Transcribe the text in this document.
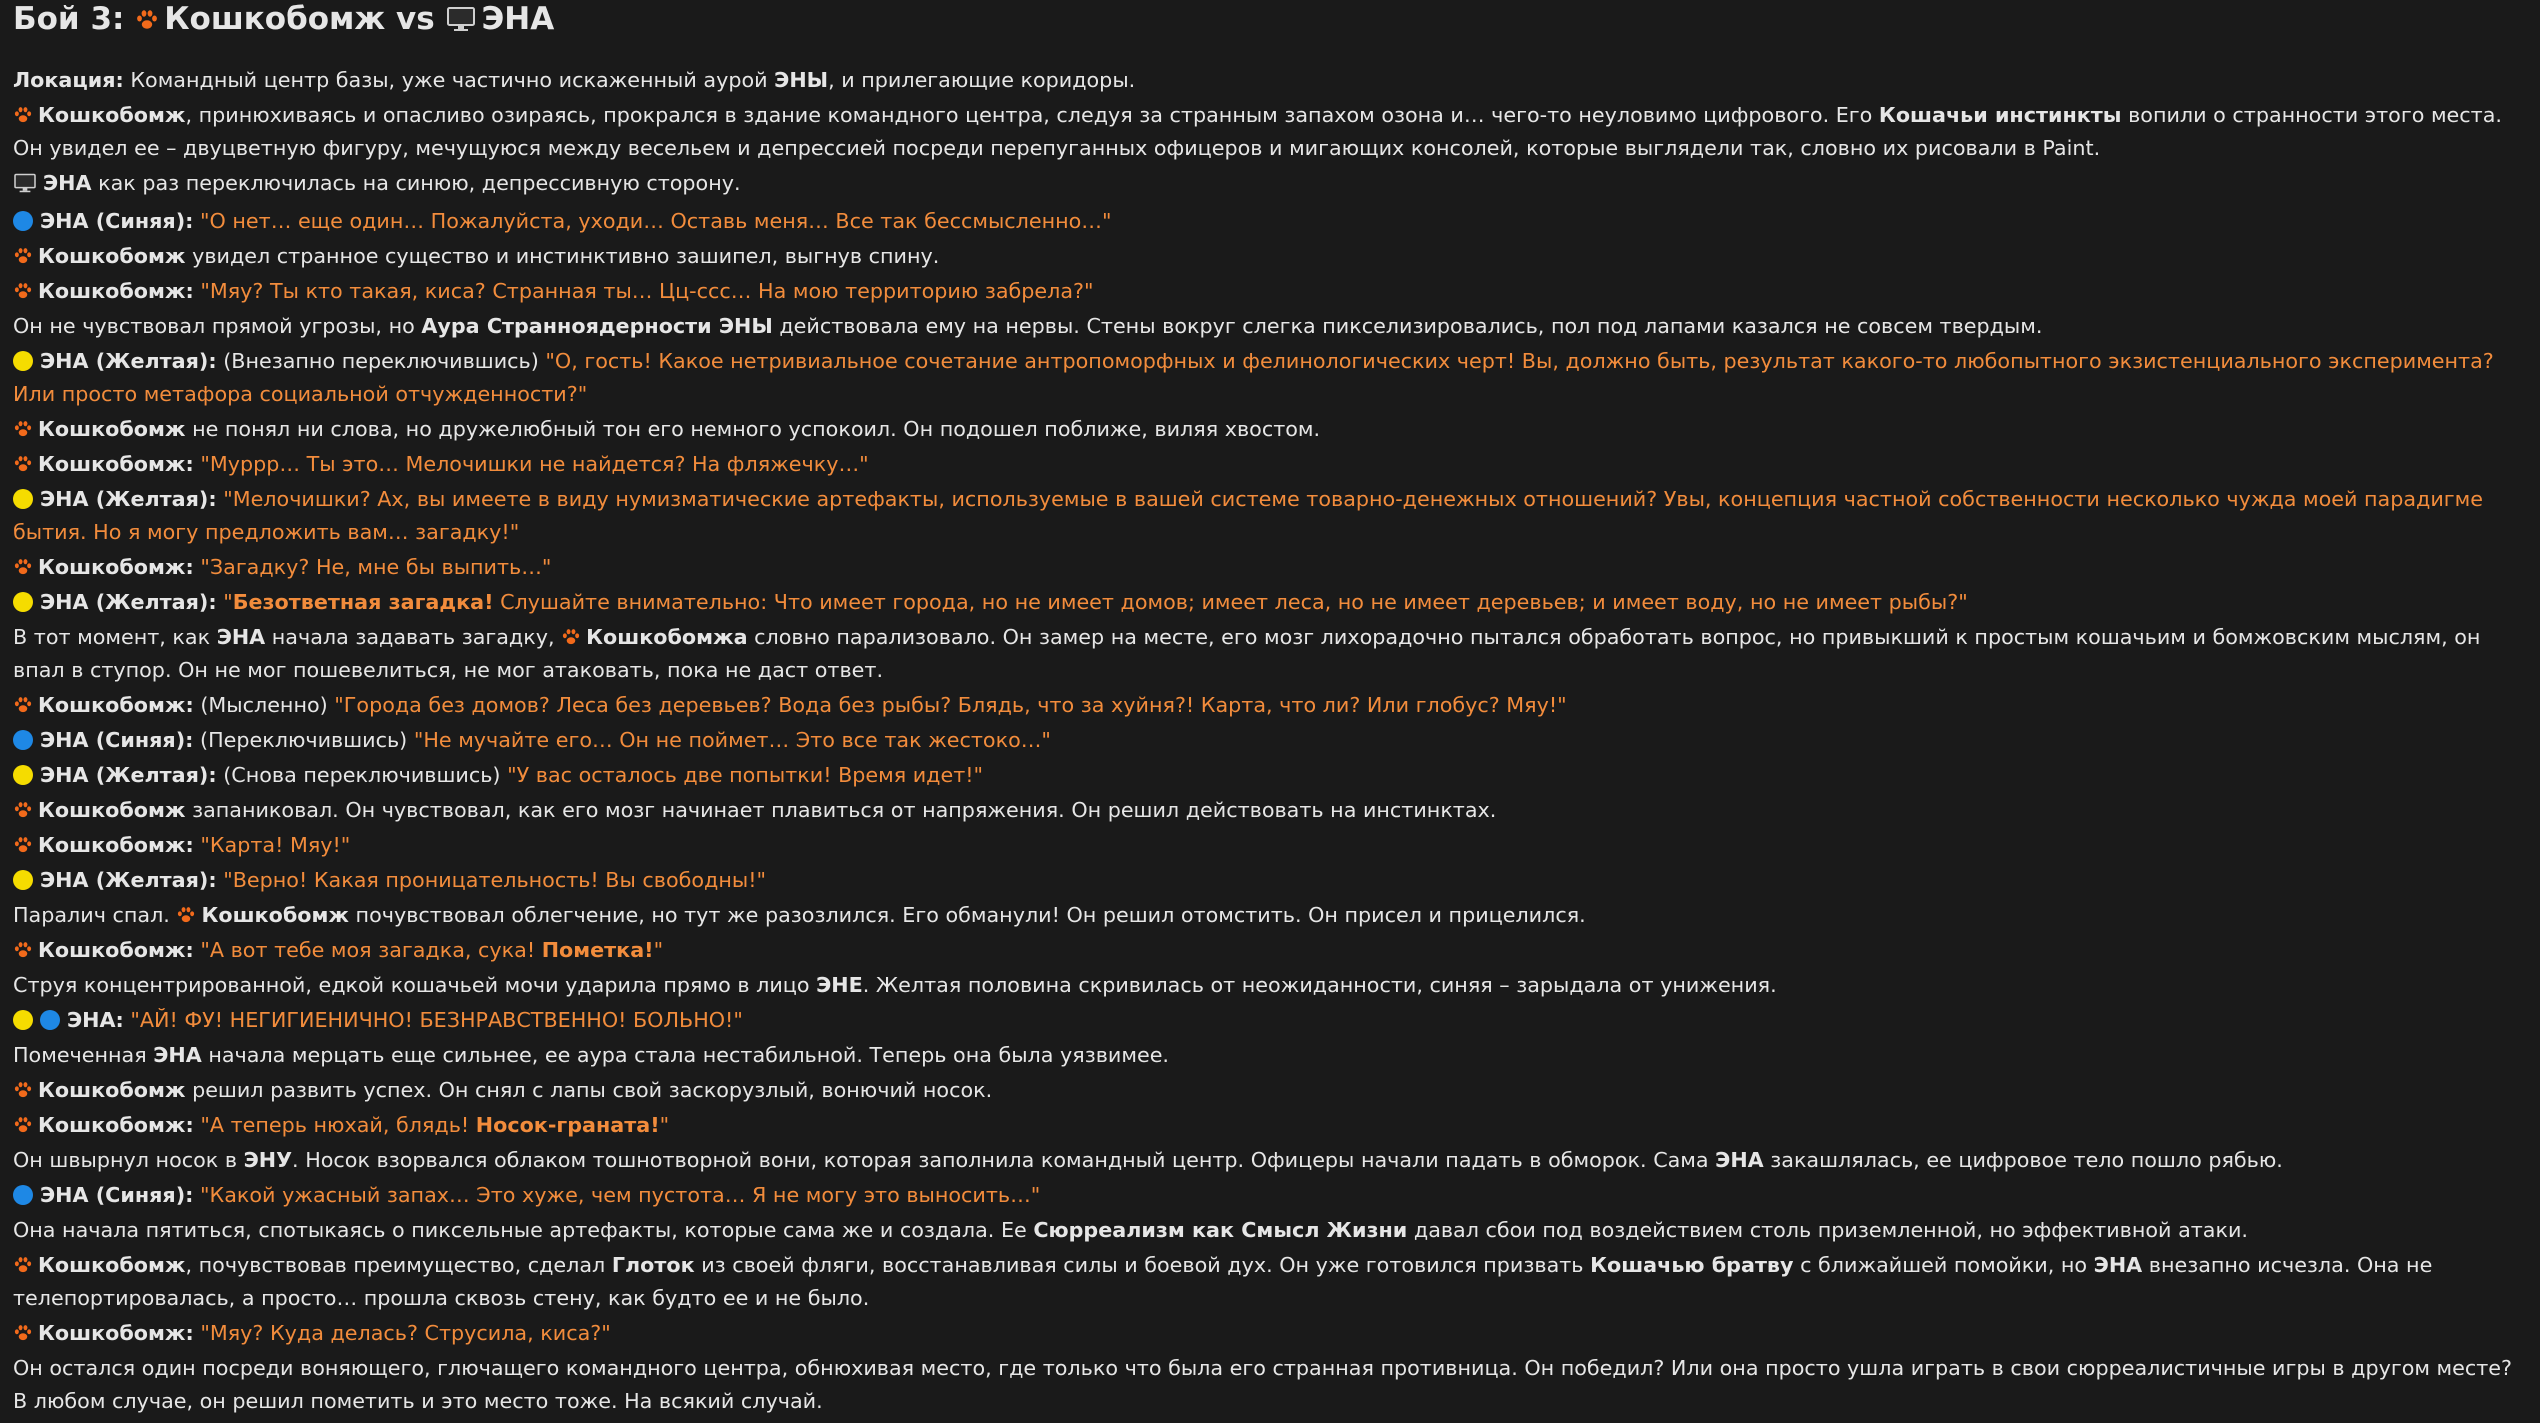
Бой 3: Кошкобомж vs ЭНА

Локация: Командный центр базы, уже частично искаженный аурой ЭНЫ, и прилегающие коридоры.

Кошкобомж, принюхиваясь и опасливо озираясь, прокрался в здание командного центра, следуя за странным запахом озона и… чего-то неуловимо цифрового. Его Кошачьи инстинкты вопили о странности этого места. Он увидел ее – двуцветную фигуру, мечущуюся между весельем и депрессией посреди перепуганных офицеров и мигающих консолей, которые выглядели так, словно их рисовали в Paint.

ЭНА как раз переключилась на синюю, депрессивную сторону.

ЭНА (Синяя): "О нет… еще один… Пожалуйста, уходи… Оставь меня… Все так бессмысленно…"

Кошкобомж увидел странное существо и инстинктивно зашипел, выгнув спину.

Кошкобомж: "Мяу? Ты кто такая, киса? Странная ты… Цц-ссс… На мою территорию забрела?"

Он не чувствовал прямой угрозы, но Аура Странноядерности ЭНЫ действовала ему на нервы. Стены вокруг слегка пикселизировались, пол под лапами казался не совсем твердым.

ЭНА (Желтая): (Внезапно переключившись) "О, гость! Какое нетривиальное сочетание антропоморфных и фелинологических черт! Вы, должно быть, результат какого-то любопытного экзистенциального эксперимента? Или просто метафора социальной отчужденности?"

Кошкобомж не понял ни слова, но дружелюбный тон его немного успокоил. Он подошел поближе, виляя хвостом.

Кошкобомж: "Муррр… Ты это… Мелочишки не найдется? На фляжечку…"

ЭНА (Желтая): "Мелочишки? Ах, вы имеете в виду нумизматические артефакты, используемые в вашей системе товарно-денежных отношений? Увы, концепция частной собственности несколько чужда моей парадигме бытия. Но я могу предложить вам… загадку!"

Кошкобомж: "Загадку? Не, мне бы выпить…"

ЭНА (Желтая): "Безответная загадка! Слушайте внимательно: Что имеет города, но не имеет домов; имеет леса, но не имеет деревьев; и имеет воду, но не имеет рыбы?"

В тот момент, как ЭНА начала задавать загадку, Кошкобомжа словно парализовало. Он замер на месте, его мозг лихорадочно пытался обработать вопрос, но привыкший к простым кошачьим и бомжовским мыслям, он впал в ступор. Он не мог пошевелиться, не мог атаковать, пока не даст ответ.

Кошкобомж: (Мысленно) "Города без домов? Леса без деревьев? Вода без рыбы? Блядь, что за хуйня?! Карта, что ли? Или глобус? Мяу!"

ЭНА (Синяя): (Переключившись) "Не мучайте его… Он не поймет… Это все так жестоко…"

ЭНА (Желтая): (Снова переключившись) "У вас осталось две попытки! Время идет!"

Кошкобомж запаниковал. Он чувствовал, как его мозг начинает плавиться от напряжения. Он решил действовать на инстинктах.

Кошкобомж: "Карта! Мяу!"

ЭНА (Желтая): "Верно! Какая проницательность! Вы свободны!"

Паралич спал. Кошкобомж почувствовал облегчение, но тут же разозлился. Его обманули! Он решил отомстить. Он присел и прицелился.

Кошкобомж: "А вот тебе моя загадка, сука! Пометка!"

Струя концентрированной, едкой кошачьей мочи ударила прямо в лицо ЭНЕ. Желтая половина скривилась от неожиданности, синяя – зарыдала от унижения.

ЭНА: "АЙ! ФУ! НЕГИГИЕНИЧНО! БЕЗНРАВСТВЕННО! БОЛЬНО!"

Помеченная ЭНА начала мерцать еще сильнее, ее аура стала нестабильной. Теперь она была уязвимее.

Кошкобомж решил развить успех. Он снял с лапы свой заскорузлый, вонючий носок.

Кошкобомж: "А теперь нюхай, блядь! Носок-граната!"

Он швырнул носок в ЭНУ. Носок взорвался облаком тошнотворной вони, которая заполнила командный центр. Офицеры начали падать в обморок. Сама ЭНА закашлялась, ее цифровое тело пошло рябью.

ЭНА (Синяя): "Какой ужасный запах… Это хуже, чем пустота… Я не могу это выносить…"

Она начала пятиться, спотыкаясь о пиксельные артефакты, которые сама же и создала. Ее Сюрреализм как Смысл Жизни давал сбои под воздействием столь приземленной, но эффективной атаки.

Кошкобомж, почувствовав преимущество, сделал Глоток из своей фляги, восстанавливая силы и боевой дух. Он уже готовился призвать Кошачью братву с ближайшей помойки, но ЭНА внезапно исчезла. Она не телепортировалась, а просто… прошла сквозь стену, как будто ее и не было.

Кошкобомж: "Мяу? Куда делась? Струсила, киса?"

Он остался один посреди воняющего, глючащего командного центра, обнюхивая место, где только что была его странная противница. Он победил? Или она просто ушла играть в свои сюрреалистичные игры в другом месте? В любом случае, он решил пометить и это место тоже. На всякий случай.
